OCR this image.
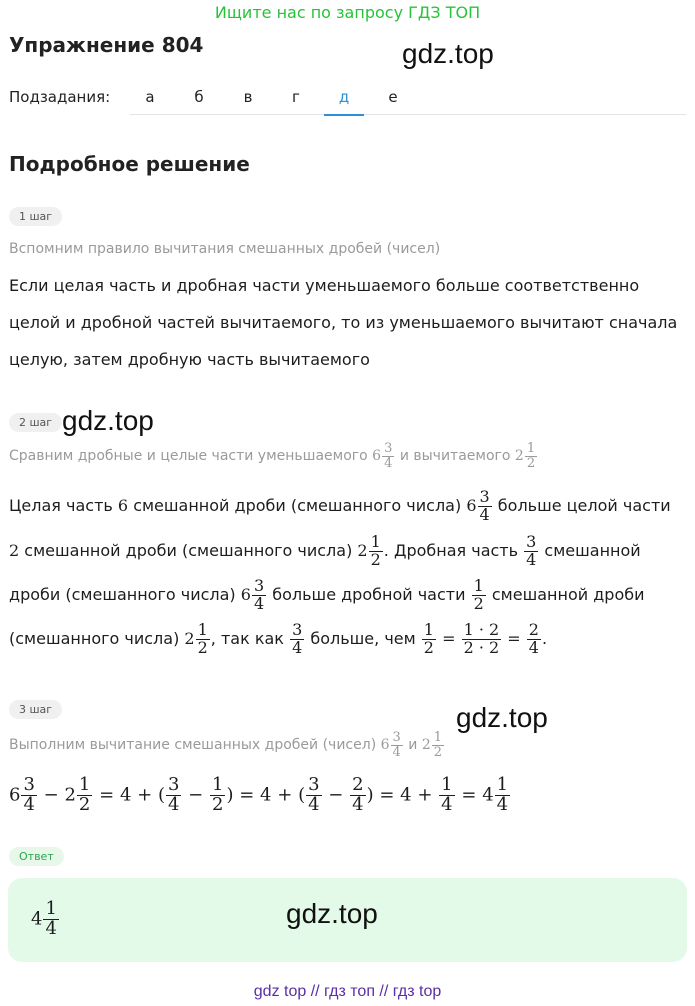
Ищите нас по запросу ГДЗ ТОП
Упражнение 804	gdz.top
Подзадания:	а	б	в	г	д	е
Подробное решение
1 шаг
Вспомним правило вычитания смешанных дробей (чисел)
Если целая часть и дробная части уменьшаемого больше соответственно целой и дробной частей вычитаемого, то из уменьшаемого вычитают сначала целую, затем дробную часть вычитаемого
2 шаг gdz.top
Сравним дробные и целые части уменьшаемого $6 \frac{3}{4}$ и вычитаемого $2 \frac{1}{2}$
Целая часть 6 смешанной дроби (смешанного числа) $6 \frac{3}{4}$ больше целой части
2 смешанной дроби (смешанного числа) $2 \frac{1}{2}$ . Дробная часть $\frac{3}{4}$ смешанной
дроби (смешанного числа) $6 \frac{3}{4}$ больше дробной части $\frac{1}{2}$ смешанной дроби
(смешанного числа) $2 \frac{1}{2}$ , так как $\frac{3}{4}$ больше, чем $\frac{1}{2} = \frac{1 \cdot 2}{2 \cdot 2} = \frac{2}{4}$ .
3 шаг	gdz.top
Выполним вычитание смешанных дробей (чисел) $6 \frac{3}{4}$ и $2 \frac{1}{2}$
$6 \frac{3}{4} - 2 \frac{1}{2} = 4$ + ( $\frac{3}{4} - \frac{1}{2}$ ) = 4 + ( $\frac{3}{4} - \frac{2}{4}$ ) = $4 + \frac{1}{4} = 4 \frac{1}{4}$
Ответ
$4 \frac{1}{4}$	gdz.top
gdz top // гдз топ // гдз top
